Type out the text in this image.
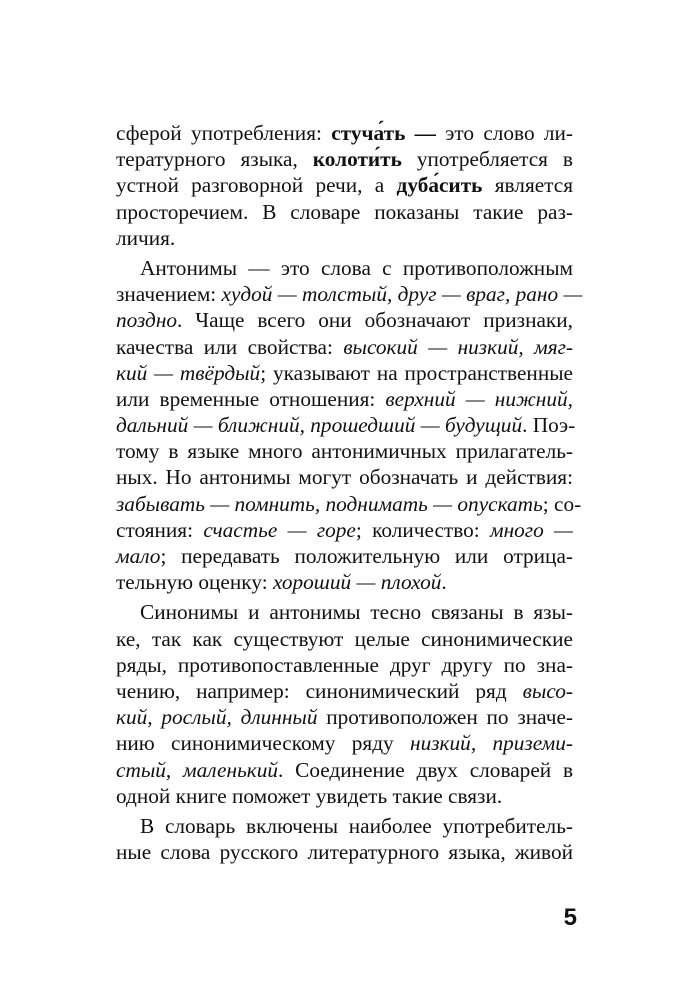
сферой употребления: стуча́ть — это слово ли-
тературного языка, колоти́ть употребляется в
устной разговорной речи, а дуба́сить является
просторечием. В словаре показаны такие раз-
личия.
Антонимы — это слова с противоположным
значением: худой — толстый, друг — враг, рано —
поздно. Чаще всего они обозначают признаки,
качества или свойства: высокий — низкий, мяг-
кий — твёрдый; указывают на пространственные
или временные отношения: верхний — нижний,
дальний — ближний, прошедший — будущий. Поэ-
тому в языке много антонимичных прилагатель-
ных. Но антонимы могут обозначать и действия:
забывать — помнить, поднимать — опускать; со-
стояния: счастье — горе; количество: много —
мало; передавать положительную или отрица-
тельную оценку: хороший — плохой.
Синонимы и антонимы тесно связаны в язы-
ке, так как существуют целые синонимические
ряды, противопоставленные друг другу по зна-
чению, например: синонимический ряд высо-
кий, рослый, длинный противоположен по значе-
нию синонимическому ряду низкий, приземи-
стый, маленький. Соединение двух словарей в
одной книге поможет увидеть такие связи.
В словарь включены наиболее употребитель-
ные слова русского литературного языка, живой
5
